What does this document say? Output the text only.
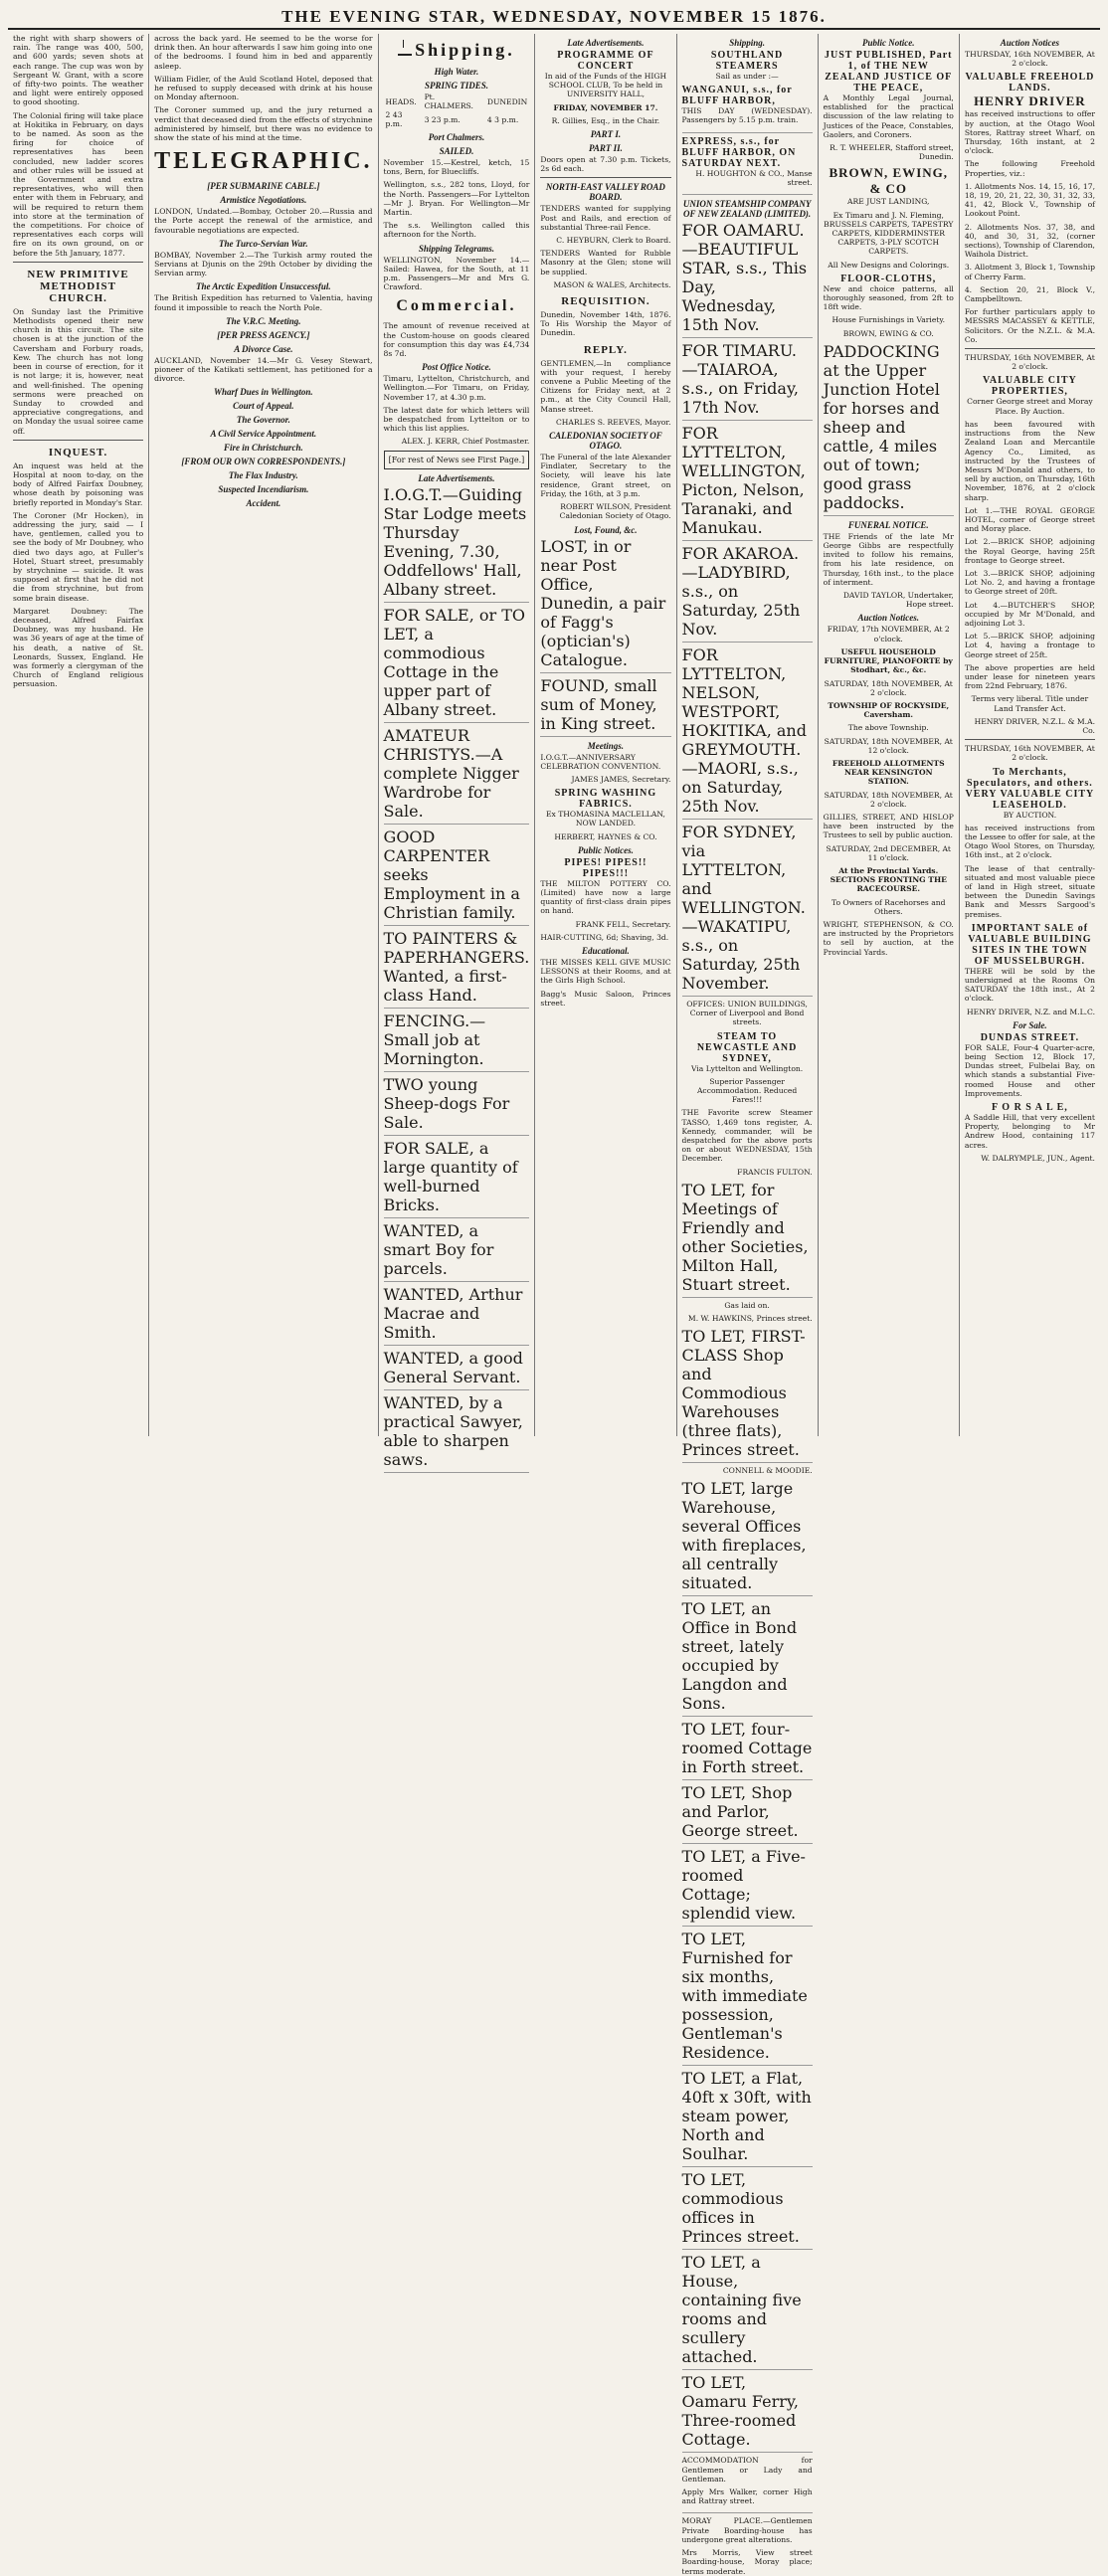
THE EVENING STAR, WEDNESDAY, NOVEMBER 15 1876.

the right with sharp showers of rain. The range was 400, 500, and 600 yards; seven shots at each range. The cup was won by Sergeant W. Grant, with a score of fifty-two points. The weather and light were entirely opposed to good shooting.

The Colonial firing will take place at Hokitika in February, on days to be named. As soon as the firing for choice of representatives has been concluded, new ladder scores and other rules will be issued at the Government and extra representatives, who will then enter with them in February, and will be required to return them into store at the termination of the competitions. For choice of representatives each corps will fire on its own ground, on or before the 5th January, 1877.

NEW PRIMITIVE METHODIST CHURCH.

On Sunday last the Primitive Methodists opened their new church in this circuit. The site chosen is at the junction of the Caversham and Forbury roads, Kew. The church has not long been in course of erection, for it is not large; it is, however, neat and well-finished. The opening sermons were preached on Sunday to crowded and appreciative congregations, and on Monday the usual soiree came off.

INQUEST.

An inquest was held at the Hospital at noon to-day, on the body of Alfred Fairfax Doubney, whose death by poisoning was briefly reported in Monday's Star.

The Coroner (Mr Hocken), in addressing the jury, said — I have, gentlemen, called you to see the body of Mr Doubney, who died two days ago, at Fuller's Hotel, Stuart street, presumably by strychnine — suicide. It was supposed at first that he did not die from strychnine, but from some brain disease.

Margaret Doubney: The deceased, Alfred Fairfax Doubney, was my husband. He was 36 years of age at the time of his death, a native of St. Leonards, Sussex, England. He was formerly a clergyman of the Church of England religious persuasion.

across the back yard. He seemed to be the worse for drink then. An hour afterwards I saw him going into one of the bedrooms. I found him in bed and apparently asleep.

William Fidler, of the Auld Scotland Hotel, deposed that he refused to supply deceased with drink at his house on Monday afternoon.

The Coroner summed up, and the jury returned a verdict that deceased died from the effects of strychnine administered by himself, but there was no evidence to show the state of his mind at the time.

TELEGRAPHIC.
[PER SUBMARINE CABLE.]
Armistice Negotiations.

LONDON, Undated.—Bombay, October 20.—Russia and the Porte accept the renewal of the armistice, and favourable negotiations are expected.

The Turco-Servian War.

BOMBAY, November 2.—The Turkish army routed the Servians at Djunis on the 29th October by dividing the Servian army.

The Arctic Expedition Unsuccessful.

The British Expedition has returned to Valentia, having found it impossible to reach the North Pole.

The V.R.C. Meeting.
[PER PRESS AGENCY.]
A Divorce Case.

AUCKLAND, November 14.—Mr G. Vesey Stewart, pioneer of the Katikati settlement, has petitioned for a divorce.

Wharf Dues in Wellington.
Court of Appeal.
The Governor.
A Civil Service Appointment.
Fire in Christchurch.
[FROM OUR OWN CORRESPONDENTS.]
The Flax Industry.
Suspected Incendiarism.
Accident.
Shipping.
High Water.
SPRING TIDES.
HEADS.	Pt. CHALMERS.	DUNEDIN
2 43 p.m.	3 23 p.m.	4 3 p.m.
Port Chalmers.
SAILED.

November 15.—Kestrel, ketch, 15 tons, Bern, for Bluecliffs.

Wellington, s.s., 282 tons, Lloyd, for the North. Passengers—For Lyttelton—Mr J. Bryan. For Wellington—Mr Martin.

The s.s. Wellington called this afternoon for the North.

Shipping Telegrams.

WELLINGTON, November 14.—Sailed: Hawea, for the South, at 11 p.m. Passengers—Mr and Mrs G. Crawford.

Commercial.

The amount of revenue received at the Custom-house on goods cleared for consumption this day was £4,734 8s 7d.

Post Office Notice.

Timaru, Lyttelton, Christchurch, and Wellington.—For Timaru, on Friday, November 17, at 4.30 p.m.

The latest date for which letters will be despatched from Lyttelton or to which this list applies.

ALEX. J. KERR, Chief Postmaster.

[For rest of News see First Page.]
Late Advertisements.
I.O.G.T.—Guiding Star Lodge meets Thursday Evening, 7.30, Oddfellows' Hall, Albany street.
FOR SALE, or TO LET, a commodious Cottage in the upper part of Albany street.
AMATEUR CHRISTYS.—A complete Nigger Wardrobe for Sale.
GOOD CARPENTER seeks Employment in a Christian family.
TO PAINTERS & PAPERHANGERS. Wanted, a first-class Hand.
FENCING.—Small job at Mornington.
TWO young Sheep-dogs For Sale.
FOR SALE, a large quantity of well-burned Bricks.
WANTED, a smart Boy for parcels.
WANTED, Arthur Macrae and Smith.
WANTED, a good General Servant.
WANTED, by a practical Sawyer, able to sharpen saws.
Late Advertisements.
PROGRAMME OF CONCERT

In aid of the Funds of the HIGH SCHOOL CLUB, To be held in UNIVERSITY HALL,

FRIDAY, NOVEMBER 17.

R. Gillies, Esq., in the Chair.

PART I.
PART II.

Doors open at 7.30 p.m. Tickets, 2s 6d each.

NORTH-EAST VALLEY ROAD BOARD.

TENDERS wanted for supplying Post and Rails, and erection of substantial Three-rail Fence.

C. HEYBURN, Clerk to Board.

TENDERS Wanted for Rubble Masonry at the Glen; stone will be supplied.

MASON & WALES, Architects.

REQUISITION.

Dunedin, November 14th, 1876. To His Worship the Mayor of Dunedin.

REPLY.

GENTLEMEN,—In compliance with your request, I hereby convene a Public Meeting of the Citizens for Friday next, at 2 p.m., at the City Council Hall, Manse street.

CHARLES S. REEVES, Mayor.

CALEDONIAN SOCIETY OF OTAGO.

The Funeral of the late Alexander Findlater, Secretary to the Society, will leave his late residence, Grant street, on Friday, the 16th, at 3 p.m.

ROBERT WILSON, President Caledonian Society of Otago.

Lost, Found, &c.
LOST, in or near Post Office, Dunedin, a pair of Fagg's (optician's) Catalogue.
FOUND, small sum of Money, in King street.
Meetings.

I.O.G.T.—ANNIVERSARY CELEBRATION CONVENTION.

JAMES JAMES, Secretary.

SPRING WASHING FABRICS.

Ex THOMASINA MACLELLAN, NOW LANDED.

HERBERT, HAYNES & CO.

Public Notices.
PIPES! PIPES!! PIPES!!!

THE MILTON POTTERY CO. (Limited) have now a large quantity of first-class drain pipes on hand.

FRANK FELL, Secretary.

HAIR-CUTTING, 6d; Shaving, 3d.

Educational.

THE MISSES KELL GIVE MUSIC LESSONS at their Rooms, and at the Girls High School.

Bagg's Music Saloon, Princes street.

Shipping.
SOUTHLAND STEAMERS

Sail as under :—

WANGANUI, s.s., for BLUFF HARBOR,

THIS DAY (WEDNESDAY). Passengers by 5.15 p.m. train.

EXPRESS, s.s., for BLUFF HARBOR, ON SATURDAY NEXT.

H. HOUGHTON & CO., Manse street.

UNION STEAMSHIP COMPANY OF NEW ZEALAND (LIMITED).
FOR OAMARU.—BEAUTIFUL STAR, s.s., This Day, Wednesday, 15th Nov.
FOR TIMARU.—TAIAROA, s.s., on Friday, 17th Nov.
FOR LYTTELTON, WELLINGTON, Picton, Nelson, Taranaki, and Manukau.
FOR AKAROA.—LADYBIRD, s.s., on Saturday, 25th Nov.
FOR LYTTELTON, NELSON, WESTPORT, HOKITIKA, and GREYMOUTH.—MAORI, s.s., on Saturday, 25th Nov.
FOR SYDNEY, via LYTTELTON, and WELLINGTON.—WAKATIPU, s.s., on Saturday, 25th November.

OFFICES: UNION BUILDINGS, Corner of Liverpool and Bond streets.

STEAM TO NEWCASTLE AND SYDNEY,

Via Lyttelton and Wellington.

Superior Passenger Accommodation. Reduced Fares!!!

THE Favorite screw Steamer TASSO, 1,469 tons register, A. Kennedy, commander, will be despatched for the above ports on or about WEDNESDAY, 15th December.

FRANCIS FULTON.

TO LET, for Meetings of Friendly and other Societies, Milton Hall, Stuart street.

Gas laid on.

M. W. HAWKINS, Princes street.

TO LET, FIRST-CLASS Shop and Commodious Warehouses (three flats), Princes street.

CONNELL & MOODIE.

TO LET, large Warehouse, several Offices with fireplaces, all centrally situated.
TO LET, an Office in Bond street, lately occupied by Langdon and Sons.
TO LET, four-roomed Cottage in Forth street.
TO LET, Shop and Parlor, George street.
TO LET, a Five-roomed Cottage; splendid view.
TO LET, Furnished for six months, with immediate possession, Gentleman's Residence.
TO LET, a Flat, 40ft x 30ft, with steam power, North and Soulhar.
TO LET, commodious offices in Princes street.
TO LET, a House, containing five rooms and scullery attached.
TO LET, Oamaru Ferry, Three-roomed Cottage.

ACCOMMODATION for Gentlemen or Lady and Gentleman.

Apply Mrs Walker, corner High and Rattray street.

MORAY PLACE.—Gentlemen Private Boarding-house has undergone great alterations.

Mrs Morris, View street Boarding-house, Moray place; terms moderate.

Public Notice.
JUST PUBLISHED, Part 1, of THE NEW ZEALAND JUSTICE OF THE PEACE,

A Monthly Legal Journal, established for the practical discussion of the law relating to Justices of the Peace, Constables, Gaolers, and Coroners.

R. T. WHEELER, Stafford street, Dunedin.

BROWN, EWING, & CO

ARE JUST LANDING,

Ex Timaru and J. N. Fleming, BRUSSELS CARPETS, TAPESTRY CARPETS, KIDDERMINSTER CARPETS, 3-PLY SCOTCH CARPETS.

All New Designs and Colorings.

FLOOR-CLOTHS,

New and choice patterns, all thoroughly seasoned, from 2ft to 18ft wide.

House Furnishings in Variety.

BROWN, EWING & CO.

PADDOCKING at the Upper Junction Hotel for horses and sheep and cattle, 4 miles out of town; good grass paddocks.
FUNERAL NOTICE.

THE Friends of the late Mr George Gibbs are respectfully invited to follow his remains, from his late residence, on Thursday, 16th inst., to the place of interment.

DAVID TAYLOR, Undertaker, Hope street.

Auction Notices.

FRIDAY, 17th NOVEMBER, At 2 o'clock.

USEFUL HOUSEHOLD FURNITURE, PIANOFORTE by Stodhart, &c., &c.

SATURDAY, 18th NOVEMBER, At 2 o'clock.

TOWNSHIP OF ROCKYSIDE, Caversham.

The above Township.

SATURDAY, 18th NOVEMBER, At 12 o'clock.

FREEHOLD ALLOTMENTS NEAR KENSINGTON STATION.

SATURDAY, 18th NOVEMBER, At 2 o'clock.

GILLIES, STREET, AND HISLOP have been instructed by the Trustees to sell by public auction.

SATURDAY, 2nd DECEMBER, At 11 o'clock.

At the Provincial Yards. SECTIONS FRONTING THE RACECOURSE.

To Owners of Racehorses and Others.

WRIGHT, STEPHENSON, & CO. are instructed by the Proprietors to sell by auction, at the Provincial Yards.

Auction Notices

THURSDAY, 16th NOVEMBER, At 2 o'clock.

VALUABLE FREEHOLD LANDS.
HENRY DRIVER

has received instructions to offer by auction, at the Otago Wool Stores, Rattray street Wharf, on Thursday, 16th instant, at 2 o'clock.

The following Freehold Properties, viz.:

1. Allotments Nos. 14, 15, 16, 17, 18, 19, 20, 21, 22, 30, 31, 32, 33, 41, 42, Block V., Township of Lookout Point.

2. Allotments Nos. 37, 38, and 40, and 30, 31, 32, (corner sections), Township of Clarendon, Waihola District.

3. Allotment 3, Block 1, Township of Cherry Farm.

4. Section 20, 21, Block V., Campbelltown.

For further particulars apply to MESSRS MACASSEY & KETTLE, Solicitors. Or the N.Z.L. & M.A. Co.

THURSDAY, 16th NOVEMBER, At 2 o'clock.

VALUABLE CITY PROPERTIES,

Corner George street and Moray Place. By Auction.

has been favoured with instructions from the New Zealand Loan and Mercantile Agency Co., Limited, as instructed by the Trustees of Messrs M'Donald and others, to sell by auction, on Thursday, 16th November, 1876, at 2 o'clock sharp.

Lot 1.—THE ROYAL GEORGE HOTEL, corner of George street and Moray place.

Lot 2.—BRICK SHOP, adjoining the Royal George, having 25ft frontage to George street.

Lot 3.—BRICK SHOP, adjoining Lot No. 2, and having a frontage to George street of 20ft.

Lot 4.—BUTCHER'S SHOP, occupied by Mr M'Donald, and adjoining Lot 3.

Lot 5.—BRICK SHOP, adjoining Lot 4, having a frontage to George street of 25ft.

The above properties are held under lease for nineteen years from 22nd February, 1876.

Terms very liberal. Title under Land Transfer Act.

HENRY DRIVER, N.Z.L. & M.A. Co.

THURSDAY, 16th NOVEMBER, At 2 o'clock.

To Merchants, Speculators, and others. VERY VALUABLE CITY LEASEHOLD.

BY AUCTION.

has received instructions from the Lessee to offer for sale, at the Otago Wool Stores, on Thursday, 16th inst., at 2 o'clock.

The lease of that centrally-situated and most valuable piece of land in High street, situate between the Dunedin Savings Bank and Messrs Sargood's premises.

IMPORTANT SALE of VALUABLE BUILDING SITES IN THE TOWN OF MUSSELBURGH.

THERE will be sold by the undersigned at the Rooms On SATURDAY the 18th inst., At 2 o'clock.

HENRY DRIVER, N.Z. and M.L.C.

For Sale.
DUNDAS STREET.

FOR SALE, Four-4 Quarter-acre, being Section 12, Block 17, Dundas street, Fulbelai Bay, on which stands a substantial Five-roomed House and other Improvements.

F O R S A L E,

A Saddle Hill, that very excellent Property, belonging to Mr Andrew Hood, containing 117 acres.

W. DALRYMPLE, JUN., Agent.
